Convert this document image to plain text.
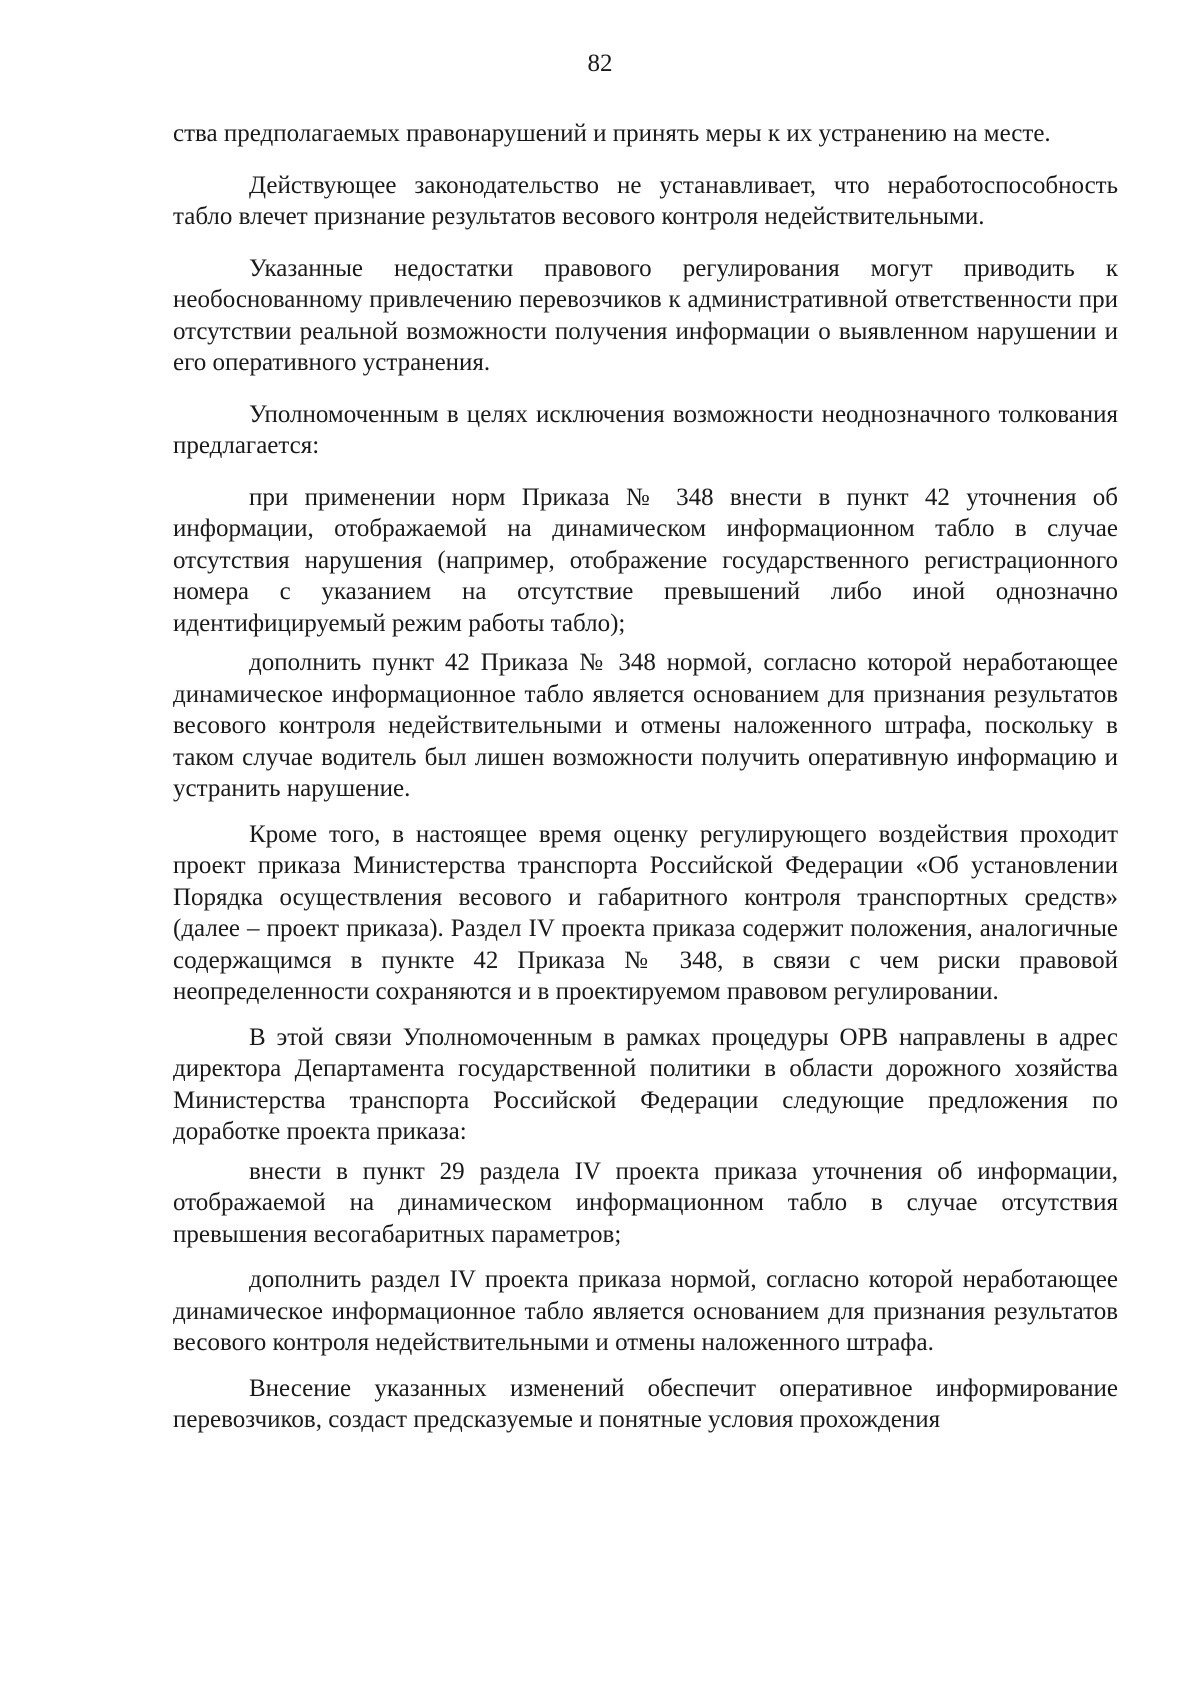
82

ства предполагаемых правонарушений и принять меры к их устранению на месте.

Действующее законодательство не устанавливает, что неработоспособность табло влечет признание результатов весового контроля недействительными.

Указанные недостатки правового регулирования могут приводить к необоснованному привлечению перевозчиков к административной ответственности при отсутствии реальной возможности получения информации о выявленном нарушении и его оперативного устранения.

Уполномоченным в целях исключения возможности неоднозначного толкования предлагается:

при применении норм Приказа № 348 внести в пункт 42 уточнения об информации, отображаемой на динамическом информационном табло в случае отсутствия нарушения (например, отображение государственного регистрационного номера с указанием на отсутствие превышений либо иной однозначно идентифицируемый режим работы табло);

дополнить пункт 42 Приказа № 348 нормой, согласно которой неработающее динамическое информационное табло является основанием для признания результатов весового контроля недействительными и отмены наложенного штрафа, поскольку в таком случае водитель был лишен возможности получить оперативную информацию и устранить нарушение.

Кроме того, в настоящее время оценку регулирующего воздействия проходит проект приказа Министерства транспорта Российской Федерации «Об установлении Порядка осуществления весового и габаритного контроля транспортных средств» (далее – проект приказа). Раздел IV проекта приказа содержит положения, аналогичные содержащимся в пункте 42 Приказа № 348, в связи с чем риски правовой неопределенности сохраняются и в проектируемом правовом регулировании.

В этой связи Уполномоченным в рамках процедуры ОРВ направлены в адрес директора Департамента государственной политики в области дорожного хозяйства Министерства транспорта Российской Федерации следующие предложения по доработке проекта приказа:

внести в пункт 29 раздела IV проекта приказа уточнения об информации, отображаемой на динамическом информационном табло в случае отсутствия превышения весогабаритных параметров;

дополнить раздел IV проекта приказа нормой, согласно которой неработающее динамическое информационное табло является основанием для признания результатов весового контроля недействительными и отмены наложенного штрафа.

Внесение указанных изменений обеспечит оперативное информирование перевозчиков, создаст предсказуемые и понятные условия прохождения
